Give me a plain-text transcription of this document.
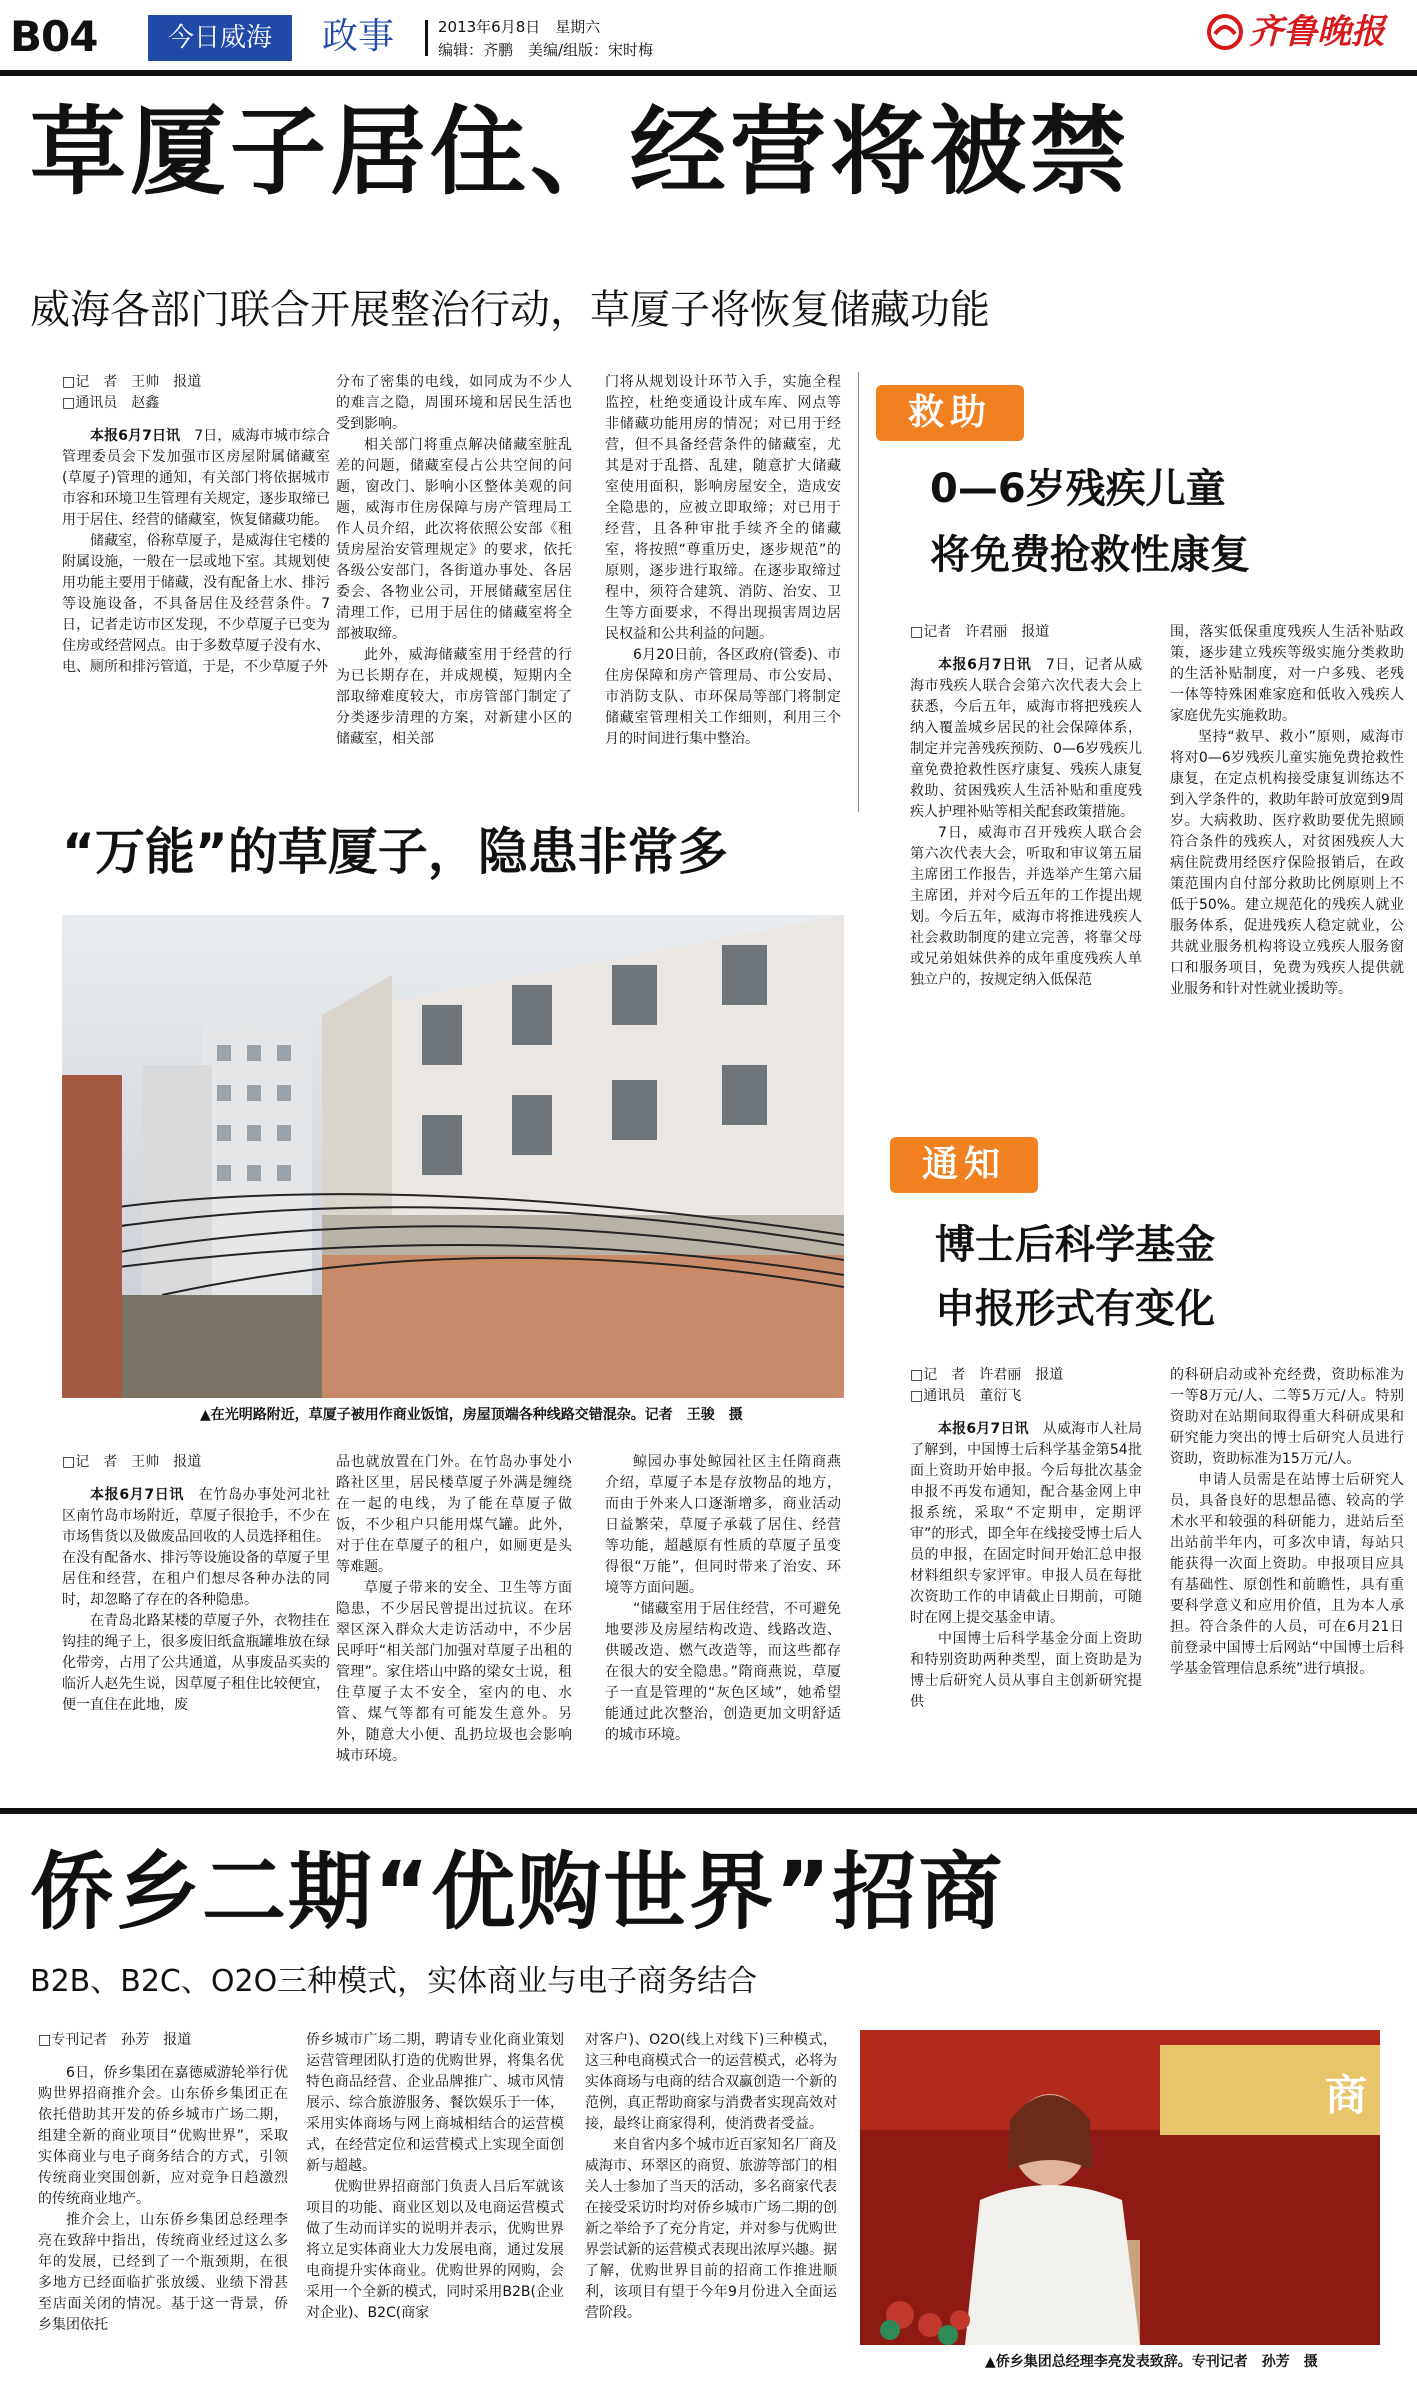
B04	今日威海	政事	2013年6月8日　星期六
编辑：齐鹏　美编/组版：宋时梅	齐鲁晚报
草厦子居住、经营将被禁
威海各部门联合开展整治行动，草厦子将恢复储藏功能

□记　者　王帅　报道

□通讯员　赵鑫

本报6月7日讯　7日，威海市城市综合管理委员会下发加强市区房屋附属储藏室(草厦子)管理的通知，有关部门将依据城市市容和环境卫生管理有关规定，逐步取缔已用于居住、经营的储藏室，恢复储藏功能。

储藏室，俗称草厦子，是威海住宅楼的附属设施，一般在一层或地下室。其规划使用功能主要用于储藏，没有配备上水、排污等设施设备，不具备居住及经营条件。7日，记者走访市区发现，不少草厦子已变为住房或经营网点。由于多数草厦子没有水、电、厕所和排污管道，于是，不少草厦子外

分布了密集的电线，如同成为不少人的难言之隐，周围环境和居民生活也受到影响。

相关部门将重点解决储藏室脏乱差的问题，储藏室侵占公共空间的问题，窗改门、影响小区整体美观的问题，威海市住房保障与房产管理局工作人员介绍，此次将依照公安部《租赁房屋治安管理规定》的要求，依托各级公安部门，各街道办事处、各居委会、各物业公司，开展储藏室居住清理工作，已用于居住的储藏室将全部被取缔。

此外，威海储藏室用于经营的行为已长期存在，并成规模，短期内全部取缔难度较大，市房管部门制定了分类逐步清理的方案，对新建小区的储藏室，相关部

门将从规划设计环节入手，实施全程监控，杜绝变通设计成车库、网点等非储藏功能用房的情况；对已用于经营，但不具备经营条件的储藏室，尤其是对于乱搭、乱建，随意扩大储藏室使用面积，影响房屋安全，造成安全隐患的，应被立即取缔；对已用于经营，且各种审批手续齐全的储藏室，将按照“尊重历史，逐步规范”的原则，逐步进行取缔。在逐步取缔过程中，须符合建筑、消防、治安、卫生等方面要求，不得出现损害周边居民权益和公共利益的问题。

6月20日前，各区政府(管委)、市住房保障和房产管理局、市公安局、市消防支队、市环保局等部门将制定储藏室管理相关工作细则，利用三个月的时间进行集中整治。

“万能”的草厦子，隐患非常多
▲在光明路附近，草厦子被用作商业饭馆，房屋顶端各种线路交错混杂。记者　王骏　摄

□记　者　王帅　报道

本报6月7日讯　在竹岛办事处河北社区南竹岛市场附近，草厦子很抢手，不少在市场售货以及做废品回收的人员选择租住。在没有配备水、排污等设施设备的草厦子里居住和经营，在租户们想尽各种办法的同时，却忽略了存在的各种隐患。

在青岛北路某楼的草厦子外，衣物挂在钩挂的绳子上，很多废旧纸盒瓶罐堆放在绿化带旁，占用了公共通道，从事废品买卖的临沂人赵先生说，因草厦子租住比较便宜，便一直住在此地，废

品也就放置在门外。在竹岛办事处小路社区里，居民楼草厦子外满是缠绕在一起的电线，为了能在草厦子做饭，不少租户只能用煤气罐。此外，对于住在草厦子的租户，如厕更是头等难题。

草厦子带来的安全、卫生等方面隐患，不少居民曾提出过抗议。在环翠区深入群众大走访活动中，不少居民呼吁“相关部门加强对草厦子出租的管理”。家住塔山中路的梁女士说，租住草厦子太不安全，室内的电、水管、煤气等都有可能发生意外。另外，随意大小便、乱扔垃圾也会影响城市环境。

鲸园办事处鲸园社区主任隋商燕介绍，草厦子本是存放物品的地方，而由于外来人口逐渐增多，商业活动日益繁荣，草厦子承载了居住、经营等功能，超越原有性质的草厦子虽变得很“万能”，但同时带来了治安、环境等方面问题。

“储藏室用于居住经营，不可避免地要涉及房屋结构改造、线路改造、供暖改造、燃气改造等，而这些都存在很大的安全隐患。”隋商燕说，草厦子一直是管理的“灰色区域”，她希望能通过此次整治，创造更加文明舒适的城市环境。

救助
0—6岁残疾儿童
将免费抢救性康复

□记者　许君丽　报道

本报6月7日讯　7日，记者从威海市残疾人联合会第六次代表大会上获悉，今后五年，威海市将把残疾人纳入覆盖城乡居民的社会保障体系，制定并完善残疾预防、0—6岁残疾儿童免费抢救性医疗康复、残疾人康复救助、贫困残疾人生活补贴和重度残疾人护理补贴等相关配套政策措施。

7日，威海市召开残疾人联合会第六次代表大会，听取和审议第五届主席团工作报告，并选举产生第六届主席团，并对今后五年的工作提出规划。今后五年，威海市将推进残疾人社会救助制度的建立完善，将靠父母或兄弟姐妹供养的成年重度残疾人单独立户的，按规定纳入低保范

围，落实低保重度残疾人生活补贴政策，逐步建立残疾等级实施分类救助的生活补贴制度，对一户多残、老残一体等特殊困难家庭和低收入残疾人家庭优先实施救助。

坚持“救早、救小”原则，威海市将对0—6岁残疾儿童实施免费抢救性康复，在定点机构接受康复训练达不到入学条件的，救助年龄可放宽到9周岁。大病救助、医疗救助要优先照顾符合条件的残疾人，对贫困残疾人大病住院费用经医疗保险报销后，在政策范围内自付部分救助比例原则上不低于50%。建立规范化的残疾人就业服务体系，促进残疾人稳定就业，公共就业服务机构将设立残疾人服务窗口和服务项目，免费为残疾人提供就业服务和针对性就业援助等。

通知
博士后科学基金
申报形式有变化

□记　者　许君丽　报道

□通讯员　董衍飞

本报6月7日讯　从威海市人社局了解到，中国博士后科学基金第54批面上资助开始申报。今后每批次基金申报不再发布通知，配合基金网上申报系统，采取“不定期申，定期评审”的形式，即全年在线接受博士后人员的申报，在固定时间开始汇总申报材料组织专家评审。申报人员在每批次资助工作的申请截止日期前，可随时在网上提交基金申请。

中国博士后科学基金分面上资助和特别资助两种类型，面上资助是为博士后研究人员从事自主创新研究提供

的科研启动或补充经费，资助标准为一等8万元/人、二等5万元/人。特别资助对在站期间取得重大科研成果和研究能力突出的博士后研究人员进行资助，资助标准为15万元/人。

申请人员需是在站博士后研究人员，具备良好的思想品德、较高的学术水平和较强的科研能力，进站后至出站前半年内，可多次申请，每站只能获得一次面上资助。申报项目应具有基础性、原创性和前瞻性，具有重要科学意义和应用价值，且为本人承担。符合条件的人员，可在6月21日前登录中国博士后网站“中国博士后科学基金管理信息系统”进行填报。

侨乡二期“优购世界”招商
B2B、B2C、O2O三种模式，实体商业与电子商务结合

□专刊记者　孙芳　报道

6日，侨乡集团在嘉德威游轮举行优购世界招商推介会。山东侨乡集团正在依托借助其开发的侨乡城市广场二期，组建全新的商业项目“优购世界”，采取实体商业与电子商务结合的方式，引领传统商业突围创新，应对竞争日趋激烈的传统商业地产。

推介会上，山东侨乡集团总经理李亮在致辞中指出，传统商业经过这么多年的发展，已经到了一个瓶颈期，在很多地方已经面临扩张放缓、业绩下滑甚至店面关闭的情况。基于这一背景，侨乡集团依托

侨乡城市广场二期，聘请专业化商业策划运营管理团队打造的优购世界，将集名优特色商品经营、企业品牌推广、城市风情展示、综合旅游服务、餐饮娱乐于一体，采用实体商场与网上商城相结合的运营模式，在经营定位和运营模式上实现全面创新与超越。

优购世界招商部门负责人吕后军就该项目的功能、商业区划以及电商运营模式做了生动而详实的说明并表示，优购世界将立足实体商业大力发展电商，通过发展电商提升实体商业。优购世界的网购，会采用一个全新的模式，同时采用B2B(企业对企业)、B2C(商家

对客户)、O2O(线上对线下)三种模式，这三种电商模式合一的运营模式，必将为实体商场与电商的结合双赢创造一个新的范例，真正帮助商家与消费者实现高效对接，最终让商家得利，使消费者受益。

来自省内多个城市近百家知名厂商及威海市、环翠区的商贸、旅游等部门的相关人士参加了当天的活动，多名商家代表在接受采访时均对侨乡城市广场二期的创新之举给予了充分肯定，并对参与优购世界尝试新的运营模式表现出浓厚兴趣。据了解，优购世界目前的招商工作推进顺利，该项目有望于今年9月份进入全面运营阶段。

商
▲侨乡集团总经理李亮发表致辞。专刊记者　孙芳　摄
